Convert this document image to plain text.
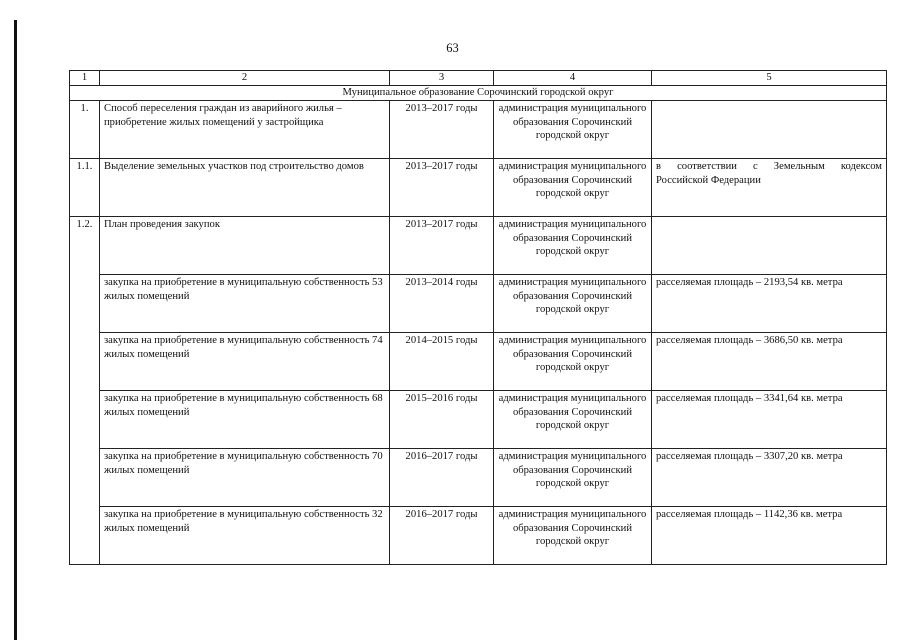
63
1	2	3	4	5
Муниципальное образование Сорочинский городской округ				
1.	Способ переселения граждан из аварийного жилья – приобретение жилых помещений у застройщика	2013–2017 годы	администрация муниципального образования Сорочинский городской округ	
1.1.	Выделение земельных участков под строительство домов	2013–2017 годы	администрация муниципального образования Сорочинский городской округ	в соответствии с Земельным кодексом Российской Федерации
1.2.	План проведения закупок	2013–2017 годы	администрация муниципального образования Сорочинский городской округ	
	закупка на приобретение в муниципальную собственность 53 жилых помещений	2013–2014 годы	администрация муниципального образования Сорочинский городской округ	расселяемая площадь – 2193,54 кв. метра
	закупка на приобретение в муниципальную собственность 74 жилых помещений	2014–2015 годы	администрация муниципального образования Сорочинский городской округ	расселяемая площадь – 3686,50 кв. метра
	закупка на приобретение в муниципальную собственность 68 жилых помещений	2015–2016 годы	администрация муниципального образования Сорочинский городской округ	расселяемая площадь – 3341,64 кв. метра
	закупка на приобретение в муниципальную собственность 70 жилых помещений	2016–2017 годы	администрация муниципального образования Сорочинский городской округ	расселяемая площадь – 3307,20 кв. метра
	закупка на приобретение в муниципальную собственность 32 жилых помещений	2016–2017 годы	администрация муниципального образования Сорочинский городской округ	расселяемая площадь – 1142,36 кв. метра
